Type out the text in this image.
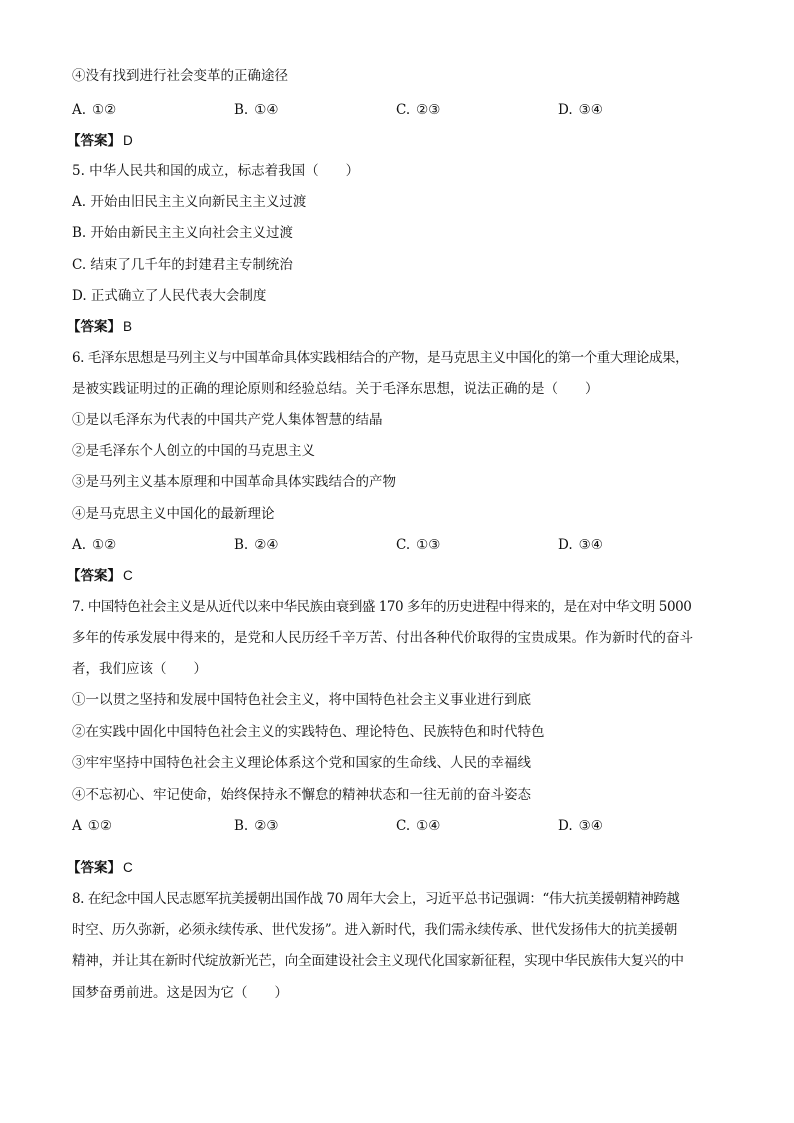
④没有找到进行社会变革的正确途径

A. ①②	B. ①④	C. ②③	D. ③④
【答案】 D

5. 中华人民共和国的成立，标志着我国（　　）

A. 开始由旧民主主义向新民主主义过渡

B. 开始由新民主主义向社会主义过渡

C. 结束了几千年的封建君主专制统治

D. 正式确立了人民代表大会制度

【答案】 B

6. 毛泽东思想是马列主义与中国革命具体实践相结合的产物，是马克思主义中国化的第一个重大理论成果，

是被实践证明过的正确的理论原则和经验总结。关于毛泽东思想，说法正确的是（　　）

①是以毛泽东为代表的中国共产党人集体智慧的结晶

②是毛泽东个人创立的中国的马克思主义

③是马列主义基本原理和中国革命具体实践结合的产物

④是马克思主义中国化的最新理论

A. ①②	B. ②④	C. ①③	D. ③④
【答案】 C

7. 中国特色社会主义是从近代以来中华民族由衰到盛 170 多年的历史进程中得来的，是在对中华文明 5000

多年的传承发展中得来的，是党和人民历经千辛万苦、付出各种代价取得的宝贵成果。作为新时代的奋斗

者，我们应该（　　）

①一以贯之坚持和发展中国特色社会主义，将中国特色社会主义事业进行到底

②在实践中固化中国特色社会主义的实践特色、理论特色、民族特色和时代特色

③牢牢坚持中国特色社会主义理论体系这个党和国家的生命线、人民的幸福线

④不忘初心、牢记使命，始终保持永不懈怠的精神状态和一往无前的奋斗姿态

A ①②	B. ②③	C. ①④	D. ③④
【答案】 C

8. 在纪念中国人民志愿军抗美援朝出国作战 70 周年大会上，习近平总书记强调：“伟大抗美援朝精神跨越

时空、历久弥新，必须永续传承、世代发扬”。进入新时代，我们需永续传承、世代发扬伟大的抗美援朝

精神，并让其在新时代绽放新光芒，向全面建设社会主义现代化国家新征程，实现中华民族伟大复兴的中

国梦奋勇前进。这是因为它（　　）
